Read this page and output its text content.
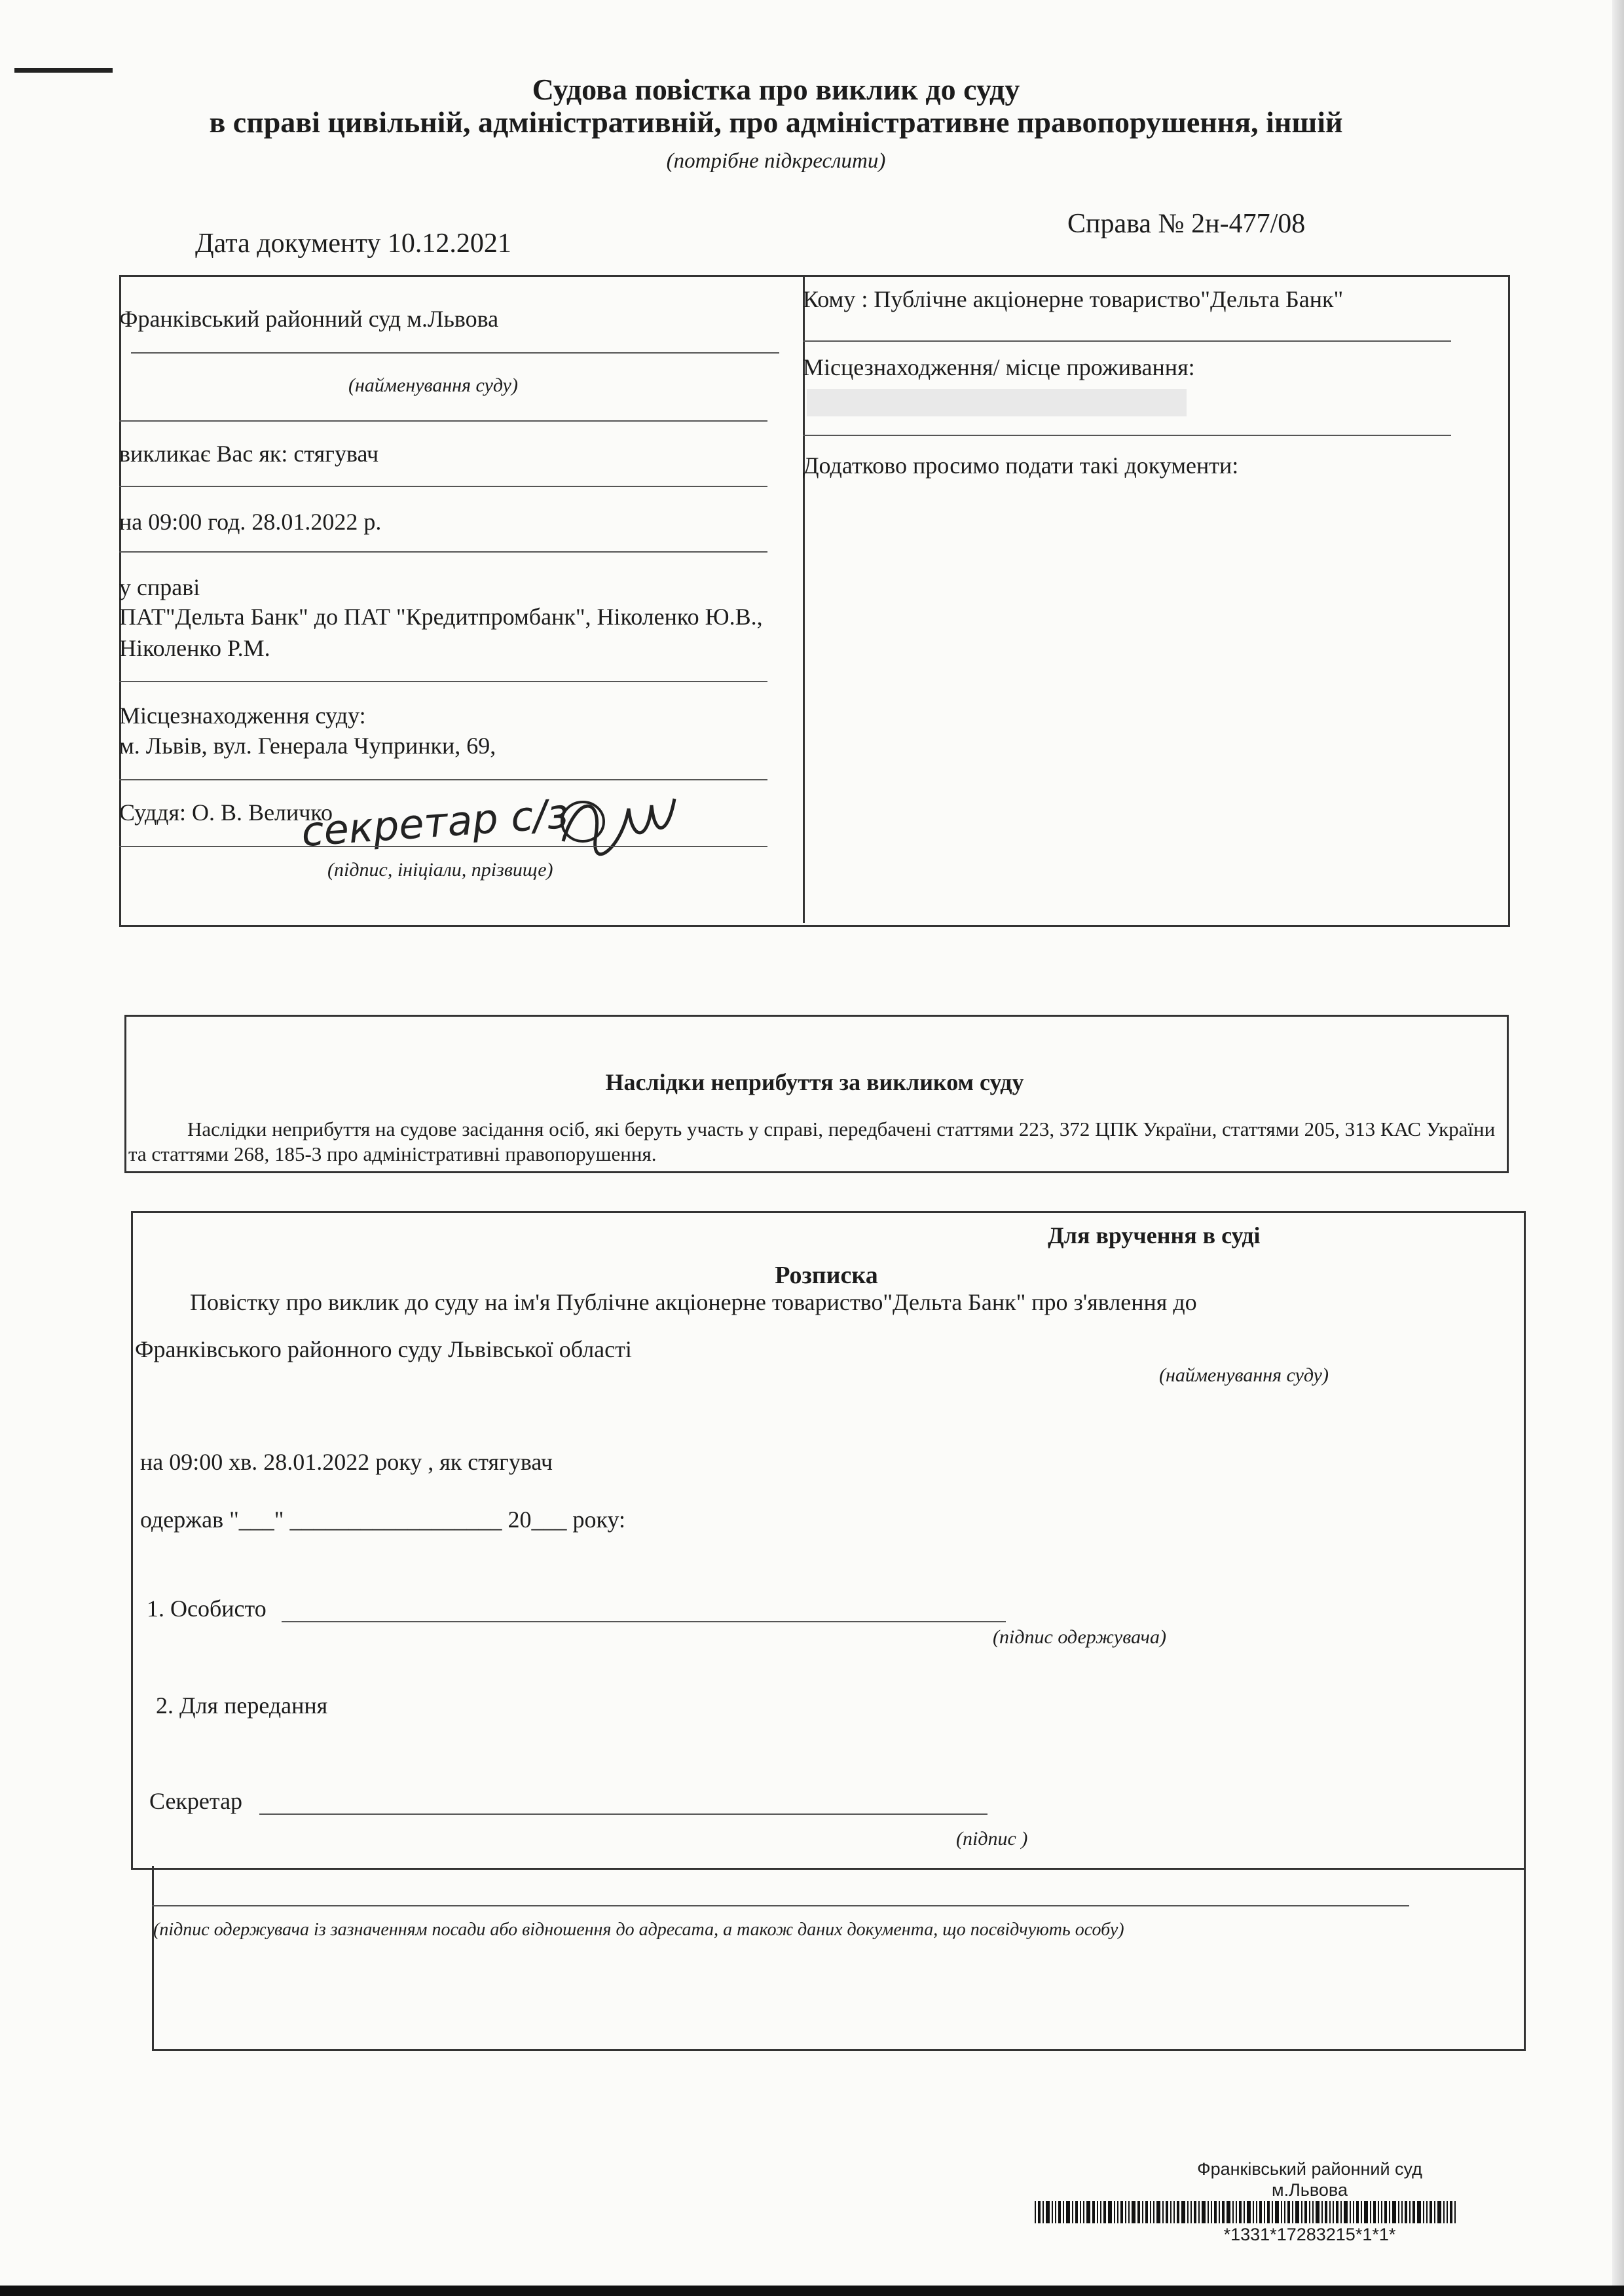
Судова повістка про виклик до суду
в справі цивільній, адміністративній, про адміністративне правопорушення, іншій
(потрібне підкреслити)
Дата документу 10.12.2021
Справа № 2н-477/08
Франківський районний суд м.Львова
(найменування суду)
викликає Вас як: стягувач
на 09:00 год. 28.01.2022 р.
у справі
ПАТ"Дельта Банк" до ПАТ "Кредитпромбанк", Ніколенко Ю.В., Ніколенко Р.М.
Місцезнаходження суду:
м. Львів, вул. Генерала Чупринки, 69,
Суддя: О. В. Величко
секретар с/з
(підпис, ініціали, прізвище)
Кому : Публічне акціонерне товариство"Дельта Банк"
Місцезнаходження/ місце проживання:
Додатково просимо подати такі документи:
Наслідки неприбуття за викликом суду
Наслідки неприбуття на судове засідання осіб, які беруть участь у справі, передбачені статтями 223, 372 ЦПК України, статтями 205, 313 КАС України та статтями 268, 185-3 про адміністративні правопорушення.
Для вручення в суді
Розписка
Повістку про виклик до суду на ім'я Публічне акціонерне товариство"Дельта Банк" про з'явлення до
Франківського районного суду Львівської області
(найменування суду)
на 09:00 хв. 28.01.2022 року , як стягувач
одержав "___" __________________ 20___ року:
1. Особисто
(підпис одержувача)
2. Для передання
Секретар
(підпис )
(підпис одержувача із зазначенням посади або відношення до адресата, а також даних документа, що посвідчують особу)
Франківський районний суд
м.Львова
*1331*17283215*1*1*
